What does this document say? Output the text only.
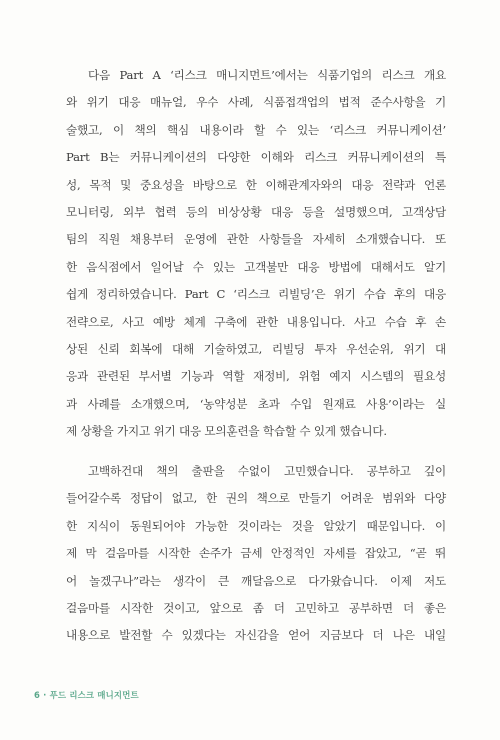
다음 Part A ‘리스크 매니지먼트’에서는 식품기업의 리스크 개요
와 위기 대응 매뉴얼, 우수 사례, 식품접객업의 법적 준수사항을 기
술했고, 이 책의 핵심 내용이라 할 수 있는 ‘리스크 커뮤니케이션’
Part B는 커뮤니케이션의 다양한 이해와 리스크 커뮤니케이션의 특
성, 목적 및 중요성을 바탕으로 한 이해관계자와의 대응 전략과 언론
모니터링, 외부 협력 등의 비상상황 대응 등을 설명했으며, 고객상담
팀의 직원 채용부터 운영에 관한 사항들을 자세히 소개했습니다. 또
한 음식점에서 일어날 수 있는 고객불만 대응 방법에 대해서도 알기
쉽게 정리하였습니다. Part C ‘리스크 리빌딩’은 위기 수습 후의 대응
전략으로, 사고 예방 체계 구축에 관한 내용입니다. 사고 수습 후 손
상된 신뢰 회복에 대해 기술하였고, 리빌딩 투자 우선순위, 위기 대
응과 관련된 부서별 기능과 역할 재정비, 위험 예지 시스템의 필요성
과 사례를 소개했으며, ‘농약성분 초과 수입 원재료 사용’이라는 실
제 상황을 가지고 위기 대응 모의훈련을 학습할 수 있게 했습니다.
고백하건대 책의 출판을 수없이 고민했습니다. 공부하고 깊이
들어갈수록 정답이 없고, 한 권의 책으로 만들기 어려운 범위와 다양
한 지식이 동원되어야 가능한 것이라는 것을 알았기 때문입니다. 이
제 막 걸음마를 시작한 손주가 금세 안정적인 자세를 잡았고, “곧 뛰
어 놀겠구나”라는 생각이 큰 깨달음으로 다가왔습니다. 이제 저도
걸음마를 시작한 것이고, 앞으로 좀 더 고민하고 공부하면 더 좋은
내용으로 발전할 수 있겠다는 자신감을 얻어 지금보다 더 나은 내일
6 · 푸드 리스크 매니지먼트
